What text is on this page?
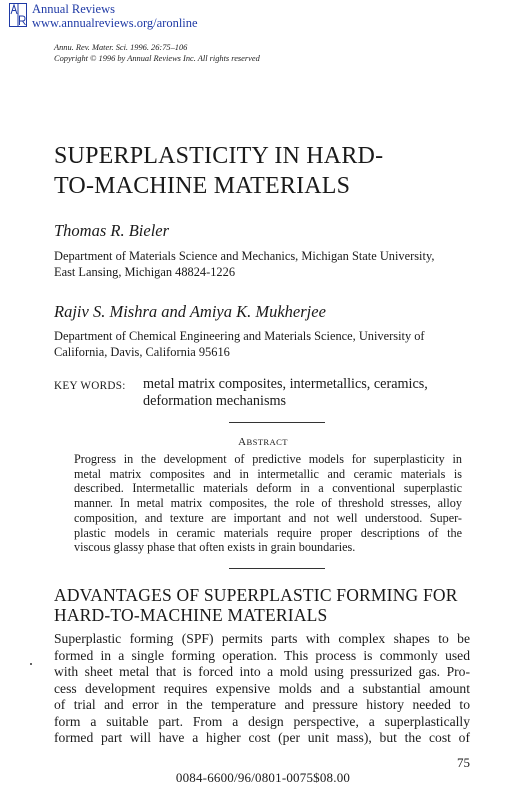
Annual Reviews
www.annualreviews.org/aronline
Annu. Rev. Mater. Sci. 1996. 26:75–106
Copyright © 1996 by Annual Reviews Inc. All rights reserved
SUPERPLASTICITY IN HARD-
TO-MACHINE MATERIALS
Thomas R. Bieler
Department of Materials Science and Mechanics, Michigan State University,
East Lansing, Michigan 48824-1226
Rajiv S. Mishra and Amiya K. Mukherjee
Department of Chemical Engineering and Materials Science, University of
California, Davis, California 95616
KEY WORDS: metal matrix composites, intermetallics, ceramics,
deformation mechanisms
ABSTRACT
Progress in the development of predictive models for superplasticity in
metal matrix composites and in intermetallic and ceramic materials is
described. Intermetallic materials deform in a conventional superplastic
manner. In metal matrix composites, the role of threshold stresses, alloy
composition, and texture are important and not well understood. Super-
plastic models in ceramic materials require proper descriptions of the
viscous glassy phase that often exists in grain boundaries.
ADVANTAGES OF SUPERPLASTIC FORMING FOR
HARD-TO-MACHINE MATERIALS
Superplastic forming (SPF) permits parts with complex shapes to be
formed in a single forming operation. This process is commonly used
with sheet metal that is forced into a mold using pressurized gas. Pro-
cess development requires expensive molds and a substantial amount
of trial and error in the temperature and pressure history needed to
form a suitable part. From a design perspective, a superplastically
formed part will have a higher cost (per unit mass), but the cost of
75
0084-6600/96/0801-0075$08.00
